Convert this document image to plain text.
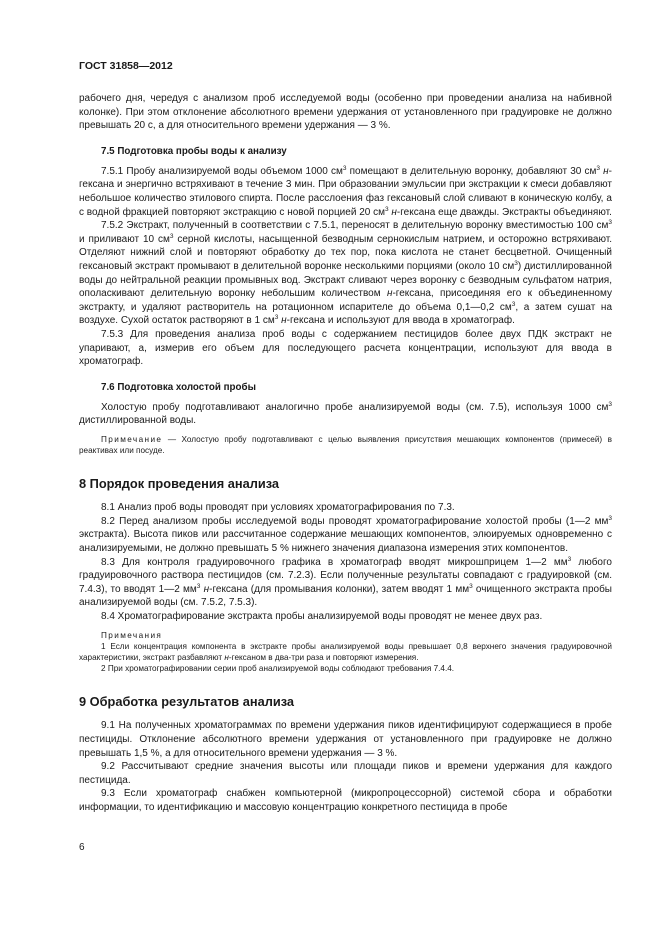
ГОСТ 31858—2012

рабочего дня, чередуя с анализом проб исследуемой воды (особенно при проведении анализа на набивной колонке). При этом отклонение абсолютного времени удержания от установленного при градуировке не должно превышать 20 с, а для относительного времени удержания — 3 %.

7.5 Подготовка пробы воды к анализу

7.5.1 Пробу анализируемой воды объемом 1000 $см^3$ помещают в делительную воронку, добавляют 30 $см^3$ н-гексана и энергично встряхивают в течение 3 мин. При образовании эмульсии при экстракции к смеси добавляют небольшое количество этилового спирта. После расслоения фаз гексановый слой сливают в коническую колбу, а с водной фракцией повторяют экстракцию с новой порцией 20 $см^3$ н-гексана еще дважды. Экстракты объединяют.

7.5.2 Экстракт, полученный в соответствии с 7.5.1, переносят в делительную воронку вместимостью 100 $см^3$ и приливают 10 $см^3$ серной кислоты, насыщенной безводным сернокислым натрием, и осторожно встряхивают. Отделяют нижний слой и повторяют обработку до тех пор, пока кислота не станет бесцветной. Очищенный гексановый экстракт промывают в делительной воронке несколькими порциями (около 10 $см^3$) дистиллированной воды до нейтральной реакции промывных вод. Экстракт сливают через воронку с безводным сульфатом натрия, ополаскивают делительную воронку небольшим количеством н-гексана, присоединяя его к объединенному экстракту, и удаляют растворитель на ротационном испарителе до объема 0,1—0,2 $см^3$, а затем сушат на воздухе. Сухой остаток растворяют в 1 $см^3$ н-гексана и используют для ввода в хроматограф.

7.5.3 Для проведения анализа проб воды с содержанием пестицидов более двух ПДК экстракт не упаривают, а, измерив его объем для последующего расчета концентрации, используют для ввода в хроматограф.

7.6 Подготовка холостой пробы

Холостую пробу подготавливают аналогично пробе анализируемой воды (см. 7.5), используя 1000 $см^3$ дистиллированной воды.

Примечание — Холостую пробу подготавливают с целью выявления присутствия мешающих компонентов (примесей) в реактивах или посуде.

8 Порядок проведения анализа

8.1 Анализ проб воды проводят при условиях хроматографирования по 7.3.

8.2 Перед анализом пробы исследуемой воды проводят хроматографирование холостой пробы (1—2 $мм^3$ экстракта). Высота пиков или рассчитанное содержание мешающих компонентов, элюируемых одновременно с анализируемыми, не должно превышать 5 % нижнего значения диапазона измерения этих компонентов.

8.3 Для контроля градуировочного графика в хроматограф вводят микрошприцем 1—2 $мм^3$ любого градуировочного раствора пестицидов (см. 7.2.3). Если полученные результаты совпадают с градуировкой (см. 7.4.3), то вводят 1—2 $мм^3$ н-гексана (для промывания колонки), затем вводят 1 $мм^3$ очищенного экстракта пробы анализируемой воды (см. 7.5.2, 7.5.3).

8.4 Хроматографирование экстракта пробы анализируемой воды проводят не менее двух раз.

Примечания

1 Если концентрация компонента в экстракте пробы анализируемой воды превышает 0,8 верхнего значения градуировочной характеристики, экстракт разбавляют н-гексаном в два-три раза и повторяют измерения.

2 При хроматографировании серии проб анализируемой воды соблюдают требования 7.4.4.

9 Обработка результатов анализа

9.1 На полученных хроматограммах по времени удержания пиков идентифицируют содержащиеся в пробе пестициды. Отклонение абсолютного времени удержания от установленного при градуировке не должно превышать 1,5 %, а для относительного времени удержания — 3 %.

9.2 Рассчитывают средние значения высоты или площади пиков и времени удержания для каждого пестицида.

9.3 Если хроматограф снабжен компьютерной (микропроцессорной) системой сбора и обработки информации, то идентификацию и массовую концентрацию конкретного пестицида в пробе

6
